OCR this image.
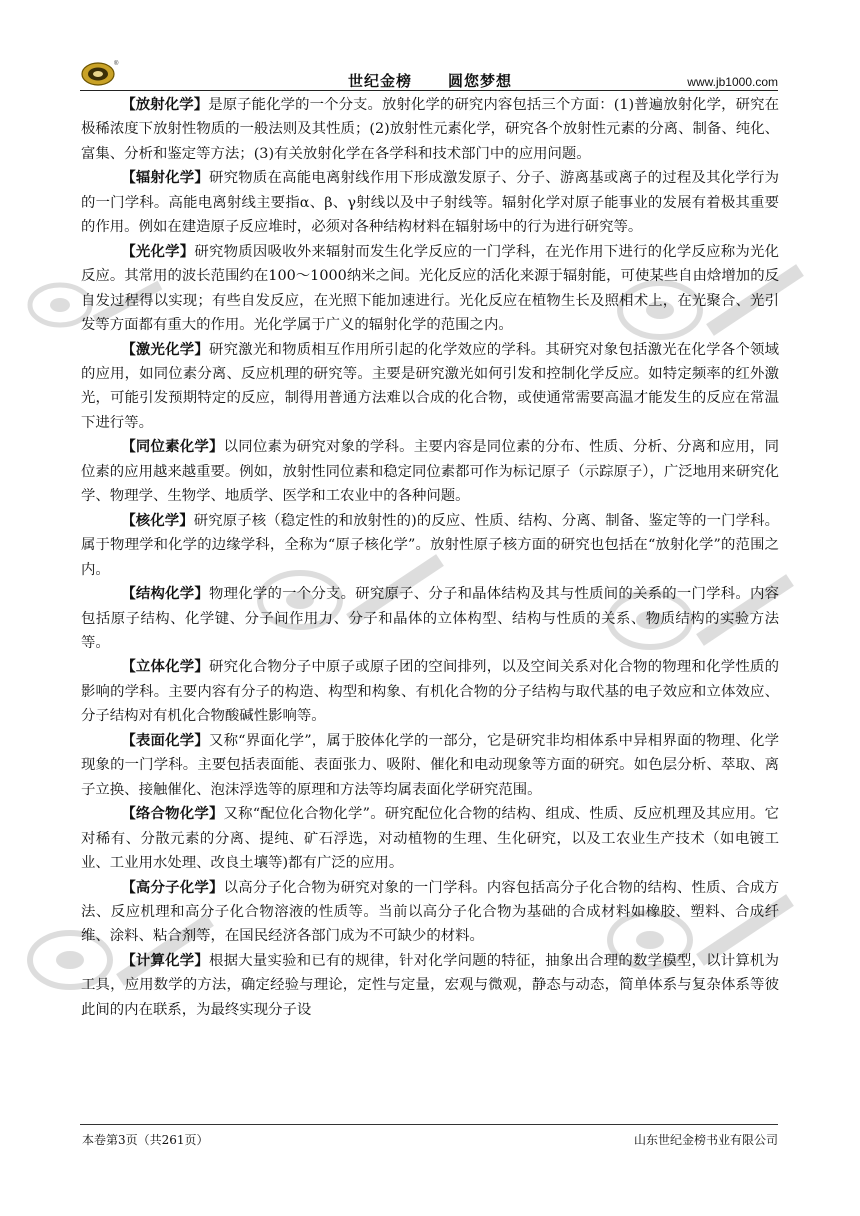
®
世纪金榜 圆您梦想	www.jb1000.com

【放射化学】是原子能化学的一个分支。放射化学的研究内容包括三个方面：(1)普遍放射化学，研究在极稀浓度下放射性物质的一般法则及其性质；(2)放射性元素化学，研究各个放射性元素的分离、制备、纯化、富集、分析和鉴定等方法；(3)有关放射化学在各学科和技术部门中的应用问题。

【辐射化学】研究物质在高能电离射线作用下形成激发原子、分子、游离基或离子的过程及其化学行为的一门学科。高能电离射线主要指α、β、γ射线以及中子射线等。辐射化学对原子能事业的发展有着极其重要的作用。例如在建造原子反应堆时，必须对各种结构材料在辐射场中的行为进行研究等。

【光化学】研究物质因吸收外来辐射而发生化学反应的一门学科，在光作用下进行的化学反应称为光化反应。其常用的波长范围约在100～1000纳米之间。光化反应的活化来源于辐射能，可使某些自由焓增加的反自发过程得以实现；有些自发反应，在光照下能加速进行。光化反应在植物生长及照相术上，在光聚合、光引发等方面都有重大的作用。光化学属于广义的辐射化学的范围之内。

【激光化学】研究激光和物质相互作用所引起的化学效应的学科。其研究对象包括激光在化学各个领域的应用，如同位素分离、反应机理的研究等。主要是研究激光如何引发和控制化学反应。如特定频率的红外激光，可能引发预期特定的反应，制得用普通方法难以合成的化合物，或使通常需要高温才能发生的反应在常温下进行等。

【同位素化学】以同位素为研究对象的学科。主要内容是同位素的分布、性质、分析、分离和应用，同位素的应用越来越重要。例如，放射性同位素和稳定同位素都可作为标记原子（示踪原子），广泛地用来研究化学、物理学、生物学、地质学、医学和工农业中的各种问题。

【核化学】研究原子核（稳定性的和放射性的)的反应、性质、结构、分离、制备、鉴定等的一门学科。属于物理学和化学的边缘学科，全称为“原子核化学”。放射性原子核方面的研究也包括在“放射化学”的范围之内。

【结构化学】物理化学的一个分支。研究原子、分子和晶体结构及其与性质间的关系的一门学科。内容包括原子结构、化学键、分子间作用力、分子和晶体的立体构型、结构与性质的关系、物质结构的实验方法等。

【立体化学】研究化合物分子中原子或原子团的空间排列，以及空间关系对化合物的物理和化学性质的影响的学科。主要内容有分子的构造、构型和构象、有机化合物的分子结构与取代基的电子效应和立体效应、分子结构对有机化合物酸碱性影响等。

【表面化学】又称“界面化学”，属于胶体化学的一部分，它是研究非均相体系中异相界面的物理、化学现象的一门学科。主要包括表面能、表面张力、吸附、催化和电动现象等方面的研究。如色层分析、萃取、离子立换、接触催化、泡沫浮选等的原理和方法等均属表面化学研究范围。

【络合物化学】又称“配位化合物化学”。研究配位化合物的结构、组成、性质、反应机理及其应用。它对稀有、分散元素的分离、提纯、矿石浮选，对动植物的生理、生化研究，以及工农业生产技术（如电镀工业、工业用水处理、改良土壤等)都有广泛的应用。

【高分子化学】以高分子化合物为研究对象的一门学科。内容包括高分子化合物的结构、性质、合成方法、反应机理和高分子化合物溶液的性质等。当前以高分子化合物为基础的合成材料如橡胶、塑料、合成纤维、涂料、粘合剂等，在国民经济各部门成为不可缺少的材料。

【计算化学】根据大量实验和已有的规律，针对化学问题的特征，抽象出合理的数学模型，以计算机为工具，应用数学的方法，确定经验与理论，定性与定量，宏观与微观，静态与动态，简单体系与复杂体系等彼此间的内在联系，为最终实现分子设

本卷第3页（共261页）	山东世纪金榜书业有限公司
